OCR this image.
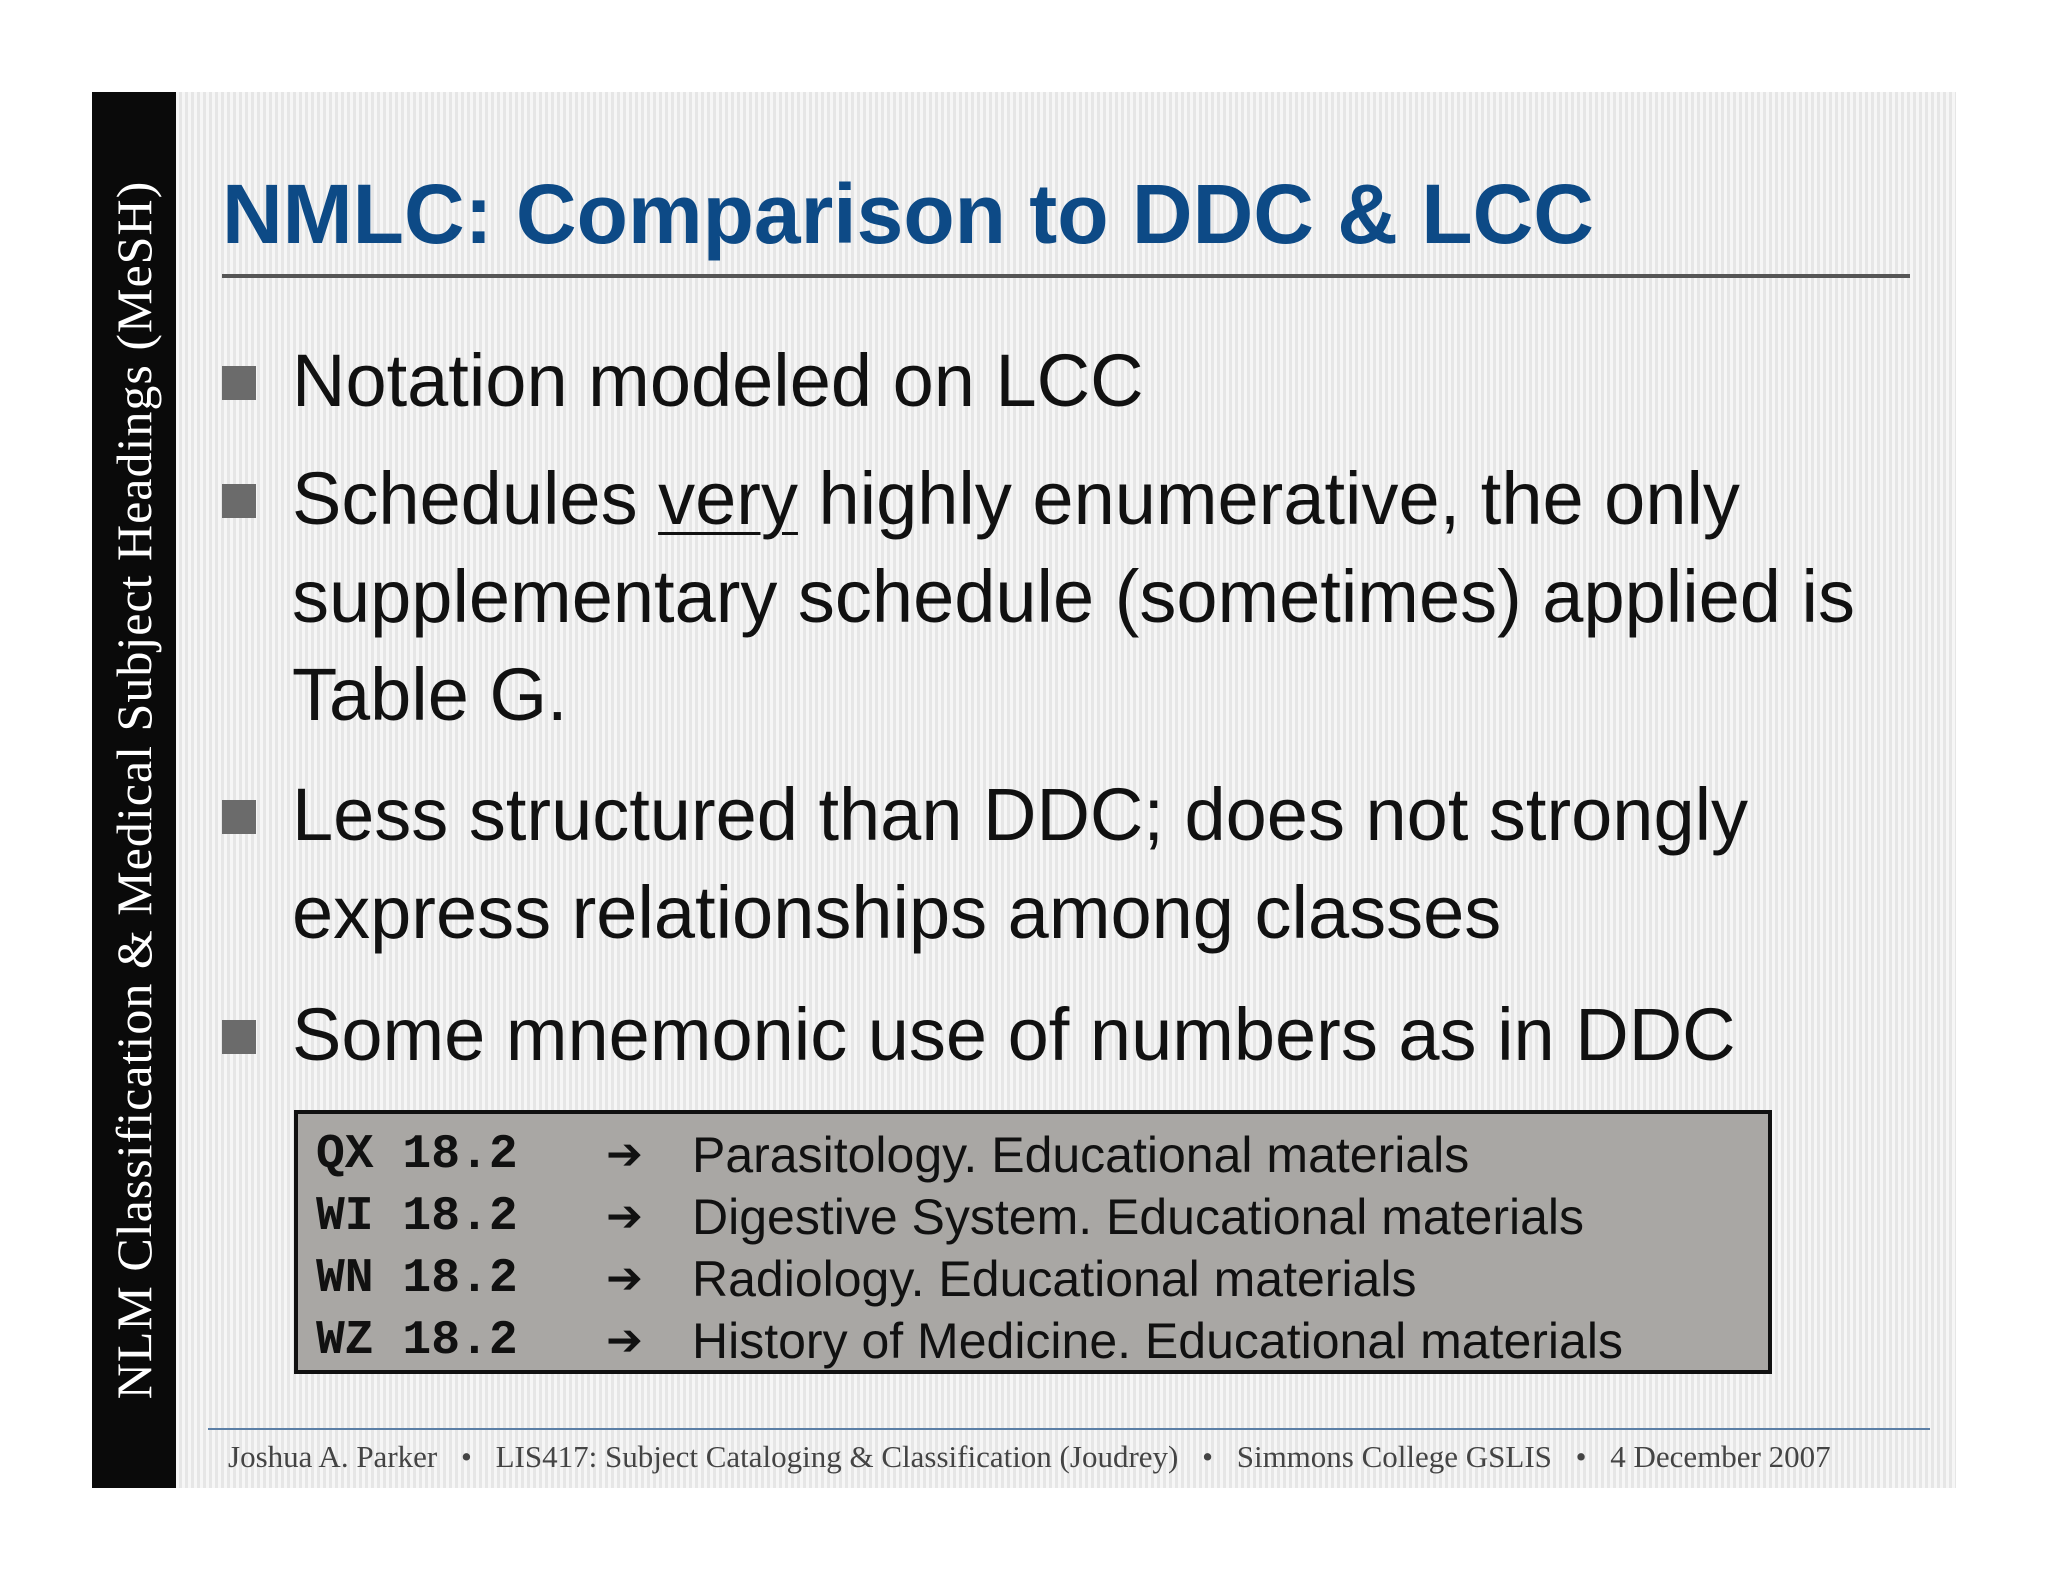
NLM Classification & Medical Subject Headings (MeSH) NMLC: Comparison to DDC & LCC
Notation modeled on LCC
Schedules very highly enumerative, the only supplementary schedule (sometimes) applied is Table G.
Less structured than DDC; does not strongly express relationships among classes
Some mnemonic use of numbers as in DDC
QX 18.2 ➔ Parasitology. Educational materials
WI 18.2 ➔ Digestive System. Educational materials
WN 18.2 ➔ Radiology. Educational materials
WZ 18.2 ➔ History of Medicine. Educational materials
Joshua A. Parker • LIS417: Subject Cataloging & Classification (Joudrey) • Simmons College GSLIS • 4 December 2007
